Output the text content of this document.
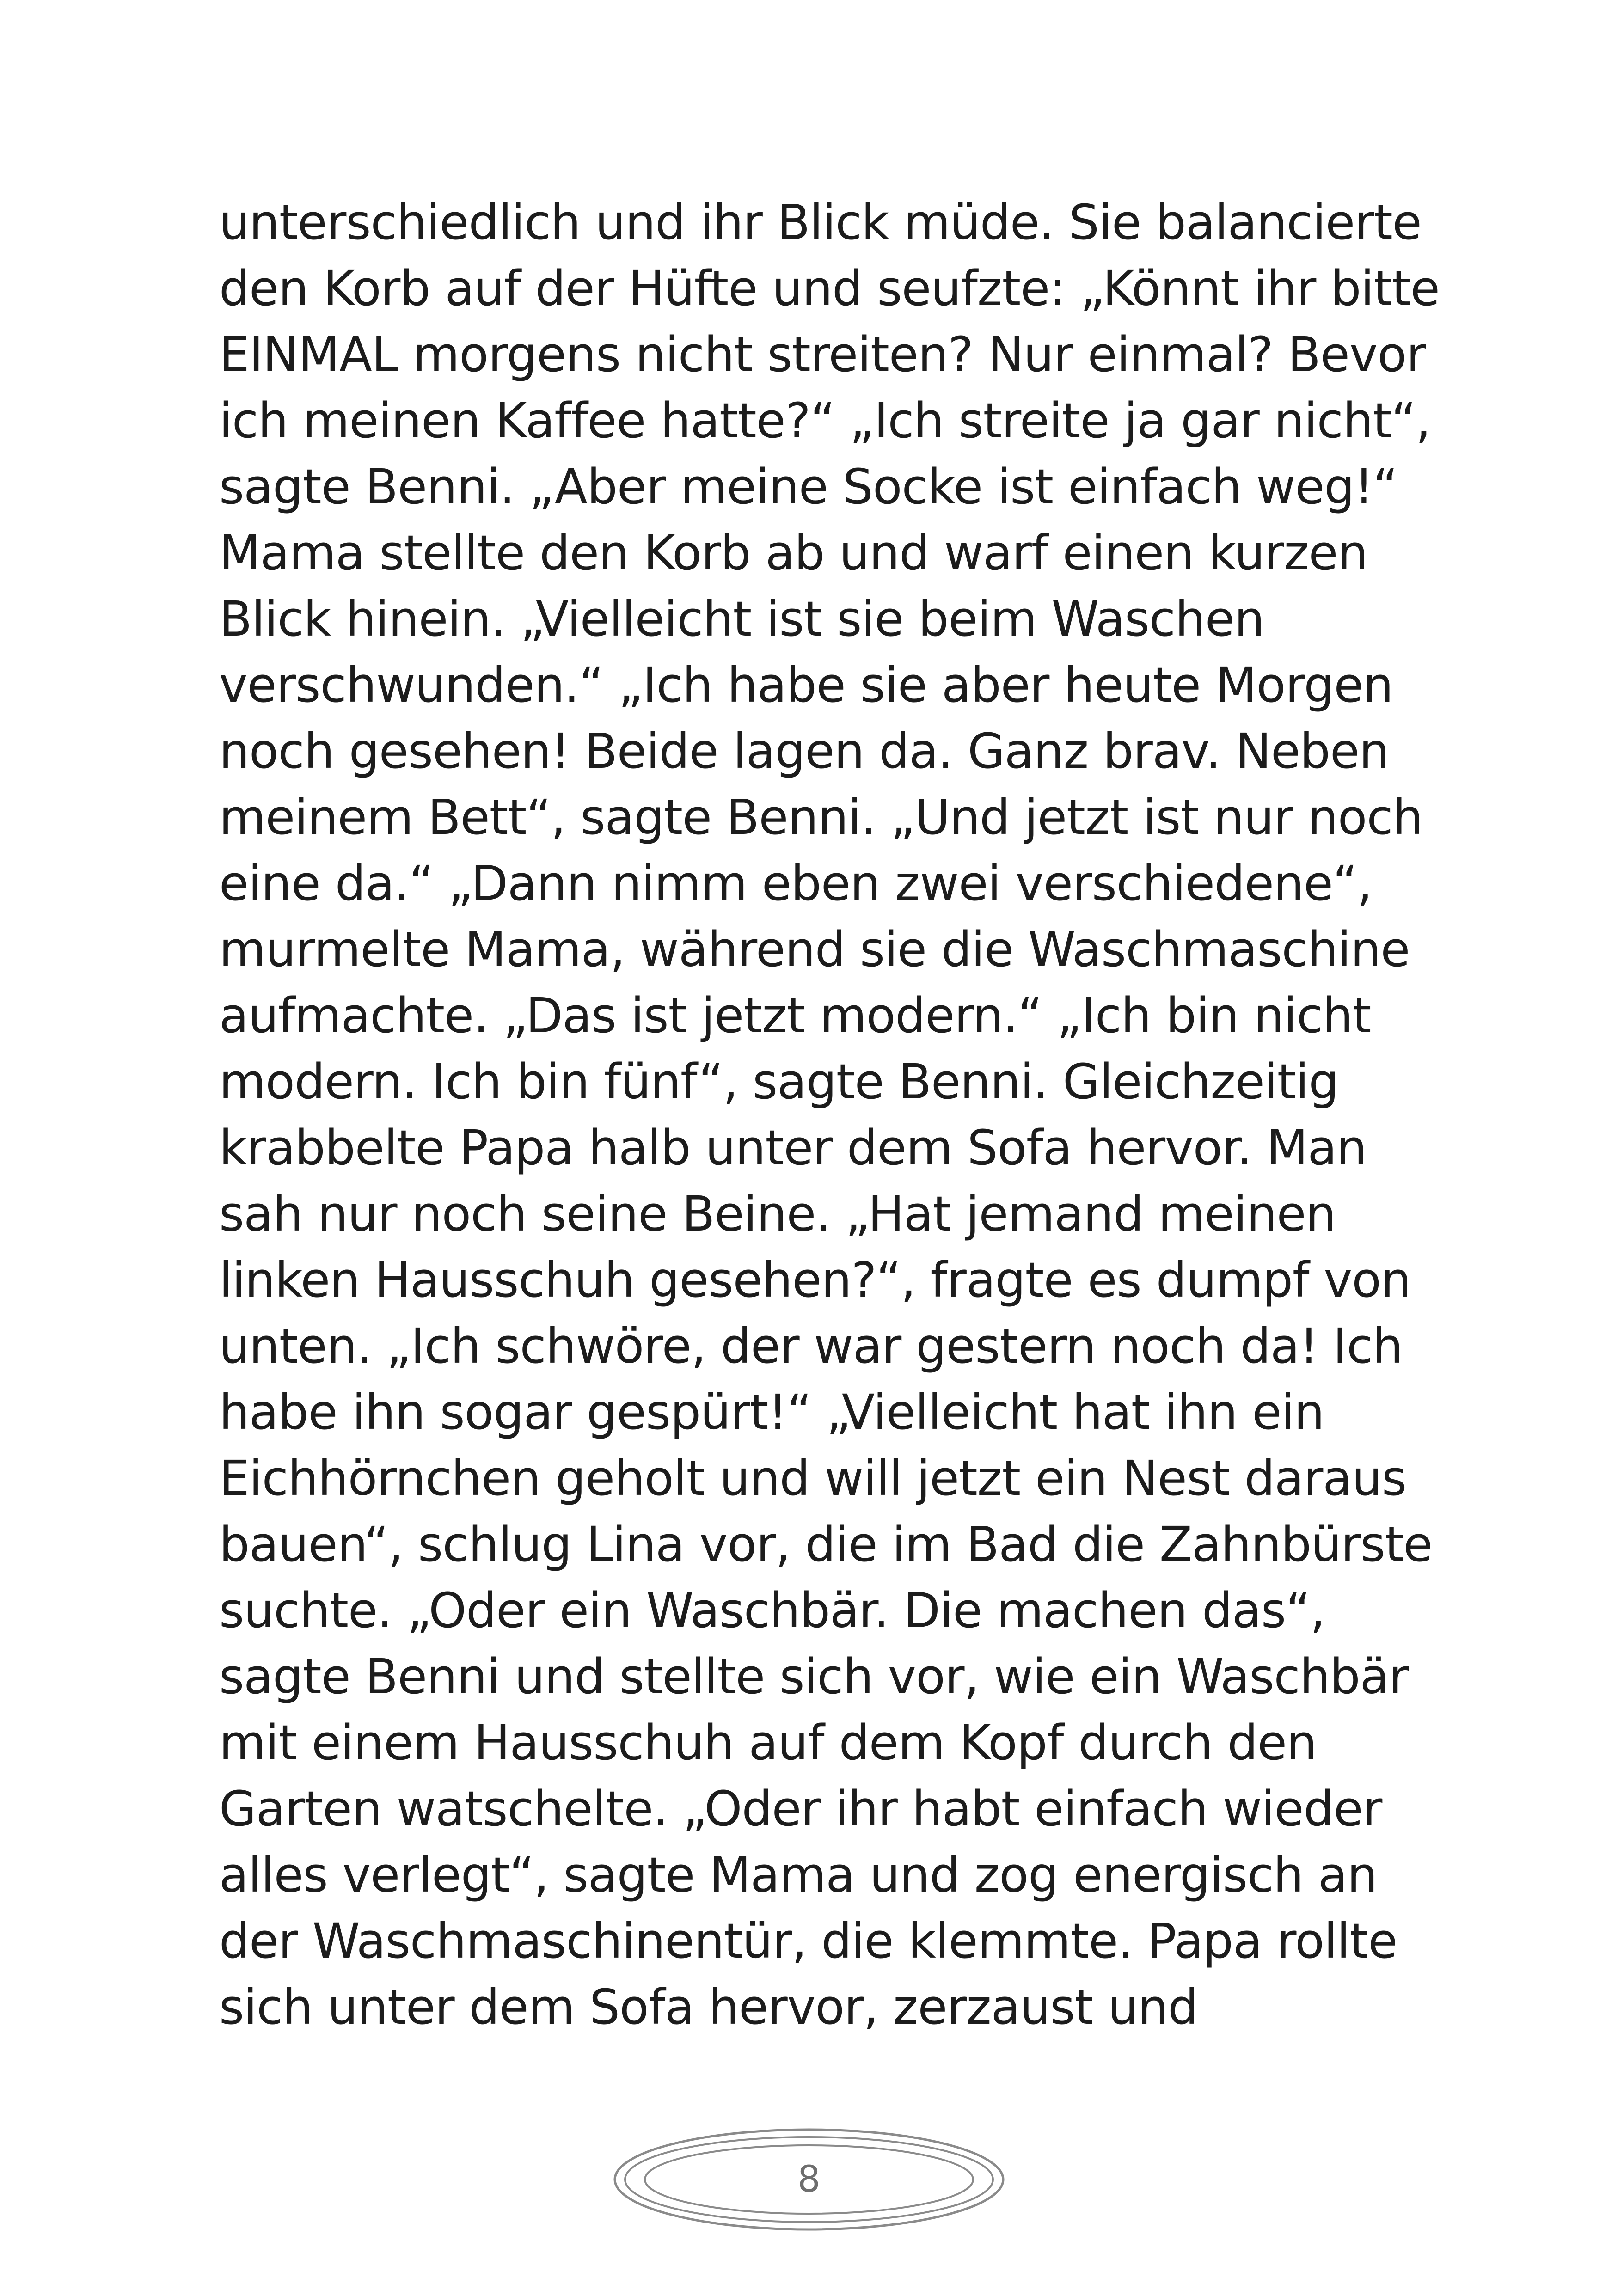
unterschiedlich und ihr Blick müde. Sie balancierte
den Korb auf der Hüfte und seufzte: „Könnt ihr bitte
EINMAL morgens nicht streiten? Nur einmal? Bevor
ich meinen Kaffee hatte?“ „Ich streite ja gar nicht“,
sagte Benni. „Aber meine Socke ist einfach weg!“
Mama stellte den Korb ab und warf einen kurzen
Blick hinein. „Vielleicht ist sie beim Waschen
verschwunden.“ „Ich habe sie aber heute Morgen
noch gesehen! Beide lagen da. Ganz brav. Neben
meinem Bett“, sagte Benni. „Und jetzt ist nur noch
eine da.“ „Dann nimm eben zwei verschiedene“,
murmelte Mama, während sie die Waschmaschine
aufmachte. „Das ist jetzt modern.“ „Ich bin nicht
modern. Ich bin fünf“, sagte Benni. Gleichzeitig
krabbelte Papa halb unter dem Sofa hervor. Man
sah nur noch seine Beine. „Hat jemand meinen
linken Hausschuh gesehen?“, fragte es dumpf von
unten. „Ich schwöre, der war gestern noch da! Ich
habe ihn sogar gespürt!“ „Vielleicht hat ihn ein
Eichhörnchen geholt und will jetzt ein Nest daraus
bauen“, schlug Lina vor, die im Bad die Zahnbürste
suchte. „Oder ein Waschbär. Die machen das“,
sagte Benni und stellte sich vor, wie ein Waschbär
mit einem Hausschuh auf dem Kopf durch den
Garten watschelte. „Oder ihr habt einfach wieder
alles verlegt“, sagte Mama und zog energisch an
der Waschmaschinentür, die klemmte. Papa rollte
sich unter dem Sofa hervor, zerzaust und
8
